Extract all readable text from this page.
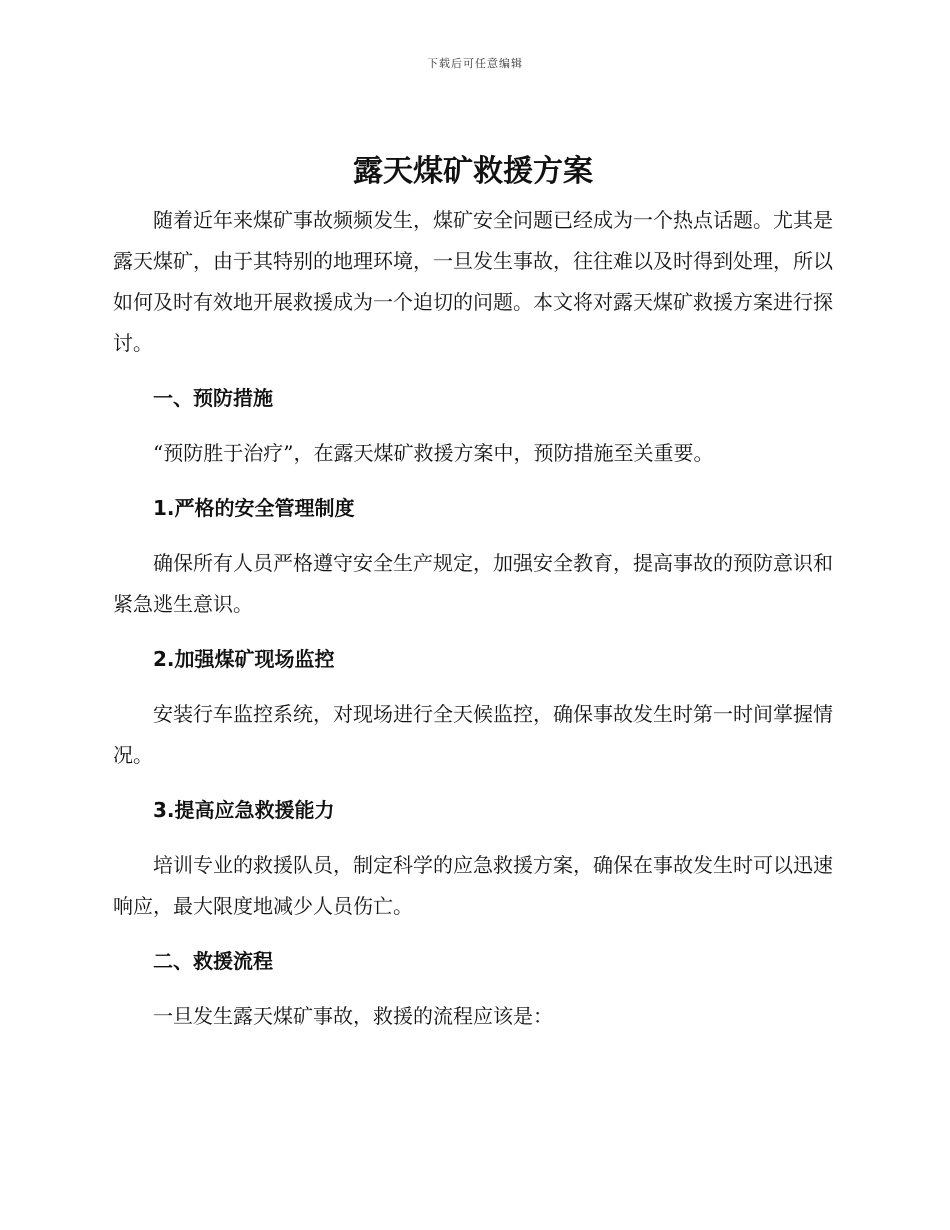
下载后可任意编辑
露天煤矿救援方案

随着近年来煤矿事故频频发生，煤矿安全问题已经成为一个热点话题。尤其是露天煤矿，由于其特别的地理环境，一旦发生事故，往往难以及时得到处理，所以如何及时有效地开展救援成为一个迫切的问题。本文将对露天煤矿救援方案进行探讨。

一、预防措施

“预防胜于治疗”，在露天煤矿救援方案中，预防措施至关重要。

1.严格的安全管理制度

确保所有人员严格遵守安全生产规定，加强安全教育，提高事故的预防意识和紧急逃生意识。

2.加强煤矿现场监控

安装行车监控系统，对现场进行全天候监控，确保事故发生时第一时间掌握情况。

3.提高应急救援能力

培训专业的救援队员，制定科学的应急救援方案，确保在事故发生时可以迅速响应，最大限度地减少人员伤亡。

二、救援流程

一旦发生露天煤矿事故，救援的流程应该是：
